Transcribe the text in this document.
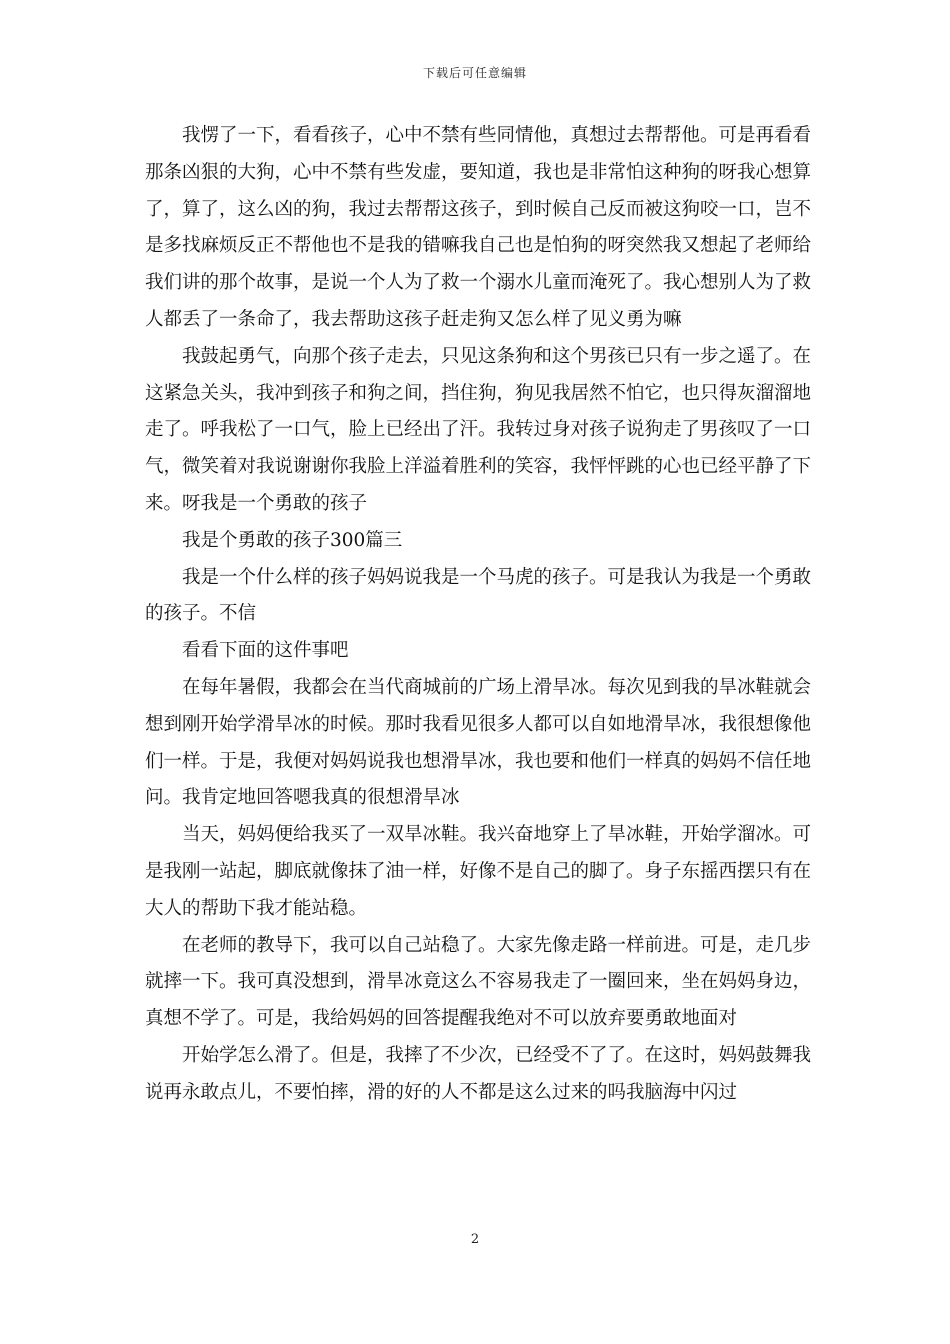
下载后可任意编辑

我愣了一下，看看孩子，心中不禁有些同情他，真想过去帮帮他。可是再看看那条凶狠的大狗，心中不禁有些发虚，要知道，我也是非常怕这种狗的呀我心想算了，算了，这么凶的狗，我过去帮帮这孩子，到时候自己反而被这狗咬一口，岂不是多找麻烦反正不帮他也不是我的错嘛我自己也是怕狗的呀突然我又想起了老师给我们讲的那个故事，是说一个人为了救一个溺水儿童而淹死了。我心想别人为了救人都丢了一条命了，我去帮助这孩子赶走狗又怎么样了见义勇为嘛

我鼓起勇气，向那个孩子走去，只见这条狗和这个男孩已只有一步之遥了。在这紧急关头，我冲到孩子和狗之间，挡住狗，狗见我居然不怕它，也只得灰溜溜地走了。呼我松了一口气，脸上已经出了汗。我转过身对孩子说狗走了男孩叹了一口气，微笑着对我说谢谢你我脸上洋溢着胜利的笑容，我怦怦跳的心也已经平静了下来。呀我是一个勇敢的孩子

我是个勇敢的孩子300篇三

我是一个什么样的孩子妈妈说我是一个马虎的孩子。可是我认为我是一个勇敢的孩子。不信

看看下面的这件事吧

在每年暑假，我都会在当代商城前的广场上滑旱冰。每次见到我的旱冰鞋就会想到刚开始学滑旱冰的时候。那时我看见很多人都可以自如地滑旱冰，我很想像他们一样。于是，我便对妈妈说我也想滑旱冰，我也要和他们一样真的妈妈不信任地问。我肯定地回答嗯我真的很想滑旱冰

当天，妈妈便给我买了一双旱冰鞋。我兴奋地穿上了旱冰鞋，开始学溜冰。可是我刚一站起，脚底就像抹了油一样，好像不是自己的脚了。身子东摇西摆只有在大人的帮助下我才能站稳。

在老师的教导下，我可以自己站稳了。大家先像走路一样前进。可是，走几步就摔一下。我可真没想到，滑旱冰竟这么不容易我走了一圈回来，坐在妈妈身边，真想不学了。可是，我给妈妈的回答提醒我绝对不可以放弃要勇敢地面对

开始学怎么滑了。但是，我摔了不少次，已经受不了了。在这时，妈妈鼓舞我说再永敢点儿，不要怕摔，滑的好的人不都是这么过来的吗我脑海中闪过

2
